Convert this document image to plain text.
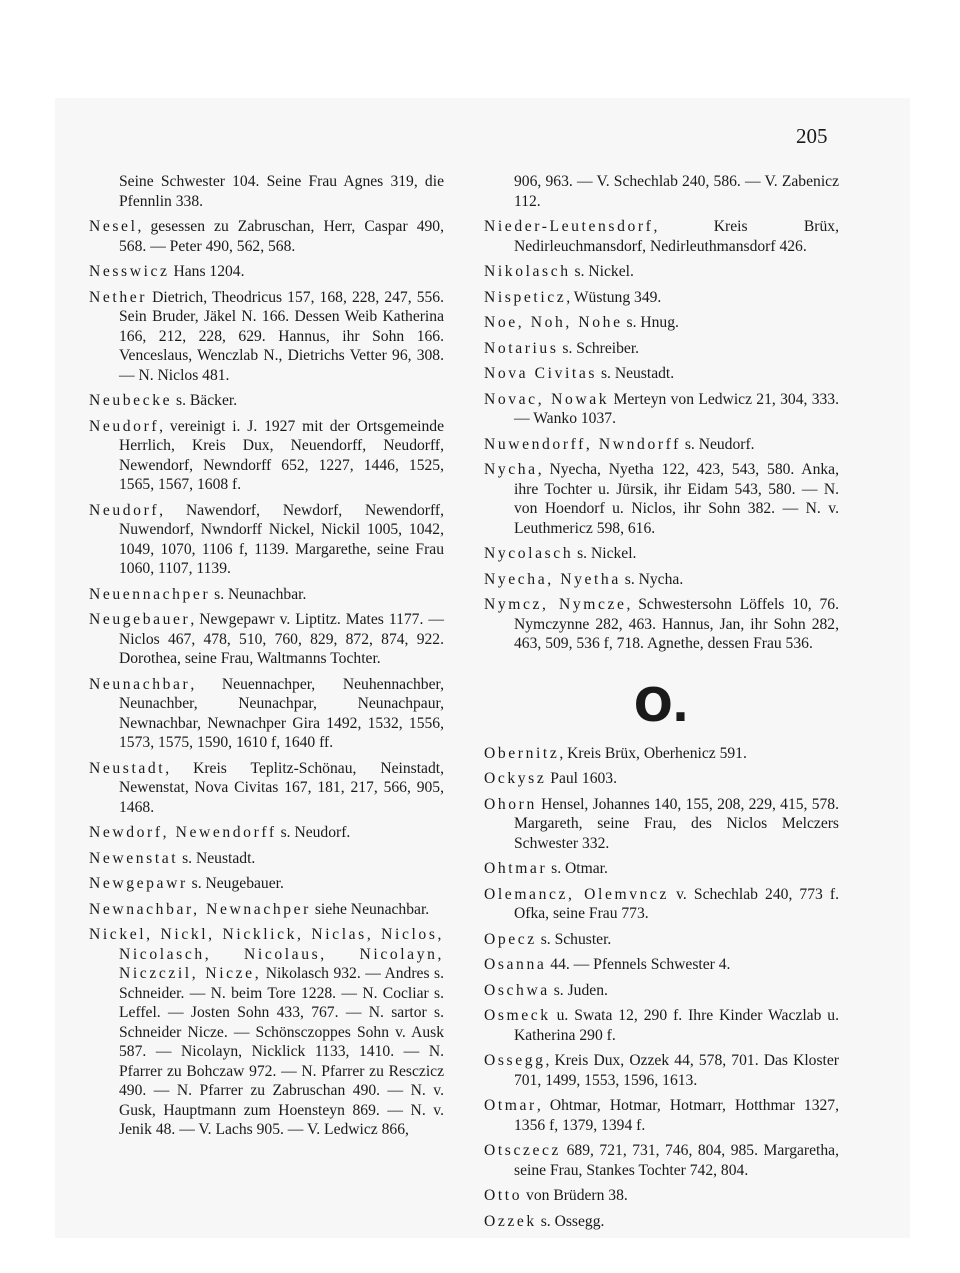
205
Seine Schwester 104. Seine Frau Agnes 319, die Pfennlin 338.
Nesel, gesessen zu Zabruschan, Herr, Caspar 490, 568. — Peter 490, 562, 568.
Nesswicz Hans 1204.
Nether Dietrich, Theodricus 157, 168, 228, 247, 556. Sein Bruder, Jäkel N. 166. Dessen Weib Katherina 166, 212, 228, 629. Hannus, ihr Sohn 166. Venceslaus, Wenczlab N., Dietrichs Vetter 96, 308. — N. Niclos 481.
Neubecke s. Bäcker.
Neudorf, vereinigt i. J. 1927 mit der Ortsgemeinde Herrlich, Kreis Dux, Neuendorff, Neudorff, Newendorf, Newndorff 652, 1227, 1446, 1525, 1565, 1567, 1608 f.
Neudorf, Nawendorf, Newdorf, Newendorff, Nuwendorf, Nwndorff Nickel, Nickil 1005, 1042, 1049, 1070, 1106 f, 1139. Margarethe, seine Frau 1060, 1107, 1139.
Neuennachper s. Neunachbar.
Neugebauer, Newgepawr v. Liptitz. Mates 1177. — Niclos 467, 478, 510, 760, 829, 872, 874, 922. Dorothea, seine Frau, Waltmanns Tochter.
Neunachbar, Neuennachper, Neuhennachber, Neunachber, Neunachpar, Neunachpaur, Newnachbar, Newnachper Gira 1492, 1532, 1556, 1573, 1575, 1590, 1610 f, 1640 ff.
Neustadt, Kreis Teplitz-Schönau, Neinstadt, Newenstat, Nova Civitas 167, 181, 217, 566, 905, 1468.
Newdorf, Newendorff s. Neudorf.
Newenstat s. Neustadt.
Newgepawr s. Neugebauer.
Newnachbar, Newnachper siehe Neunachbar.
Nickel, Nickl, Nicklick, Niclas, Niclos, Nicolasch, Nicolaus, Nicolayn, Niczczil, Nicze, Nikolasch 932. — Andres s. Schneider. — N. beim Tore 1228. — N. Cocliar s. Leffel. — Josten Sohn 433, 767. — N. sartor s. Schneider Nicze. — Schönsczoppes Sohn v. Ausk 587. — Nicolayn, Nicklick 1133, 1410. — N. Pfarrer zu Bohczaw 972. — N. Pfarrer zu Resczicz 490. — N. Pfarrer zu Zabruschan 490. — N. v. Gusk, Hauptmann zum Hoensteyn 869. — N. v. Jenik 48. — V. Lachs 905. — V. Ledwicz 866,
906, 963. — V. Schechlab 240, 586. — V. Zabenicz 112.
Nieder-Leutensdorf, Kreis Brüx, Nedirleuchmansdorf, Nedirleuthmansdorf 426.
Nikolasch s. Nickel.
Nispeticz, Wüstung 349.
Noe, Noh, Nohe s. Hnug.
Notarius s. Schreiber.
Nova Civitas s. Neustadt.
Novac, Nowak Merteyn von Ledwicz 21, 304, 333. — Wanko 1037.
Nuwendorff, Nwndorff s. Neudorf.
Nycha, Nyecha, Nyetha 122, 423, 543, 580. Anka, ihre Tochter u. Jürsik, ihr Eidam 543, 580. — N. von Hoendorf u. Niclos, ihr Sohn 382. — N. v. Leuthmericz 598, 616.
Nycolasch s. Nickel.
Nyecha, Nyetha s. Nycha.
Nymcz, Nymcze, Schwestersohn Löffels 10, 76. Nymczynne 282, 463. Hannus, Jan, ihr Sohn 282, 463, 509, 536 f, 718. Agnethe, dessen Frau 536.
O.
Obernitz, Kreis Brüx, Oberhenicz 591.
Ockysz Paul 1603.
Ohorn Hensel, Johannes 140, 155, 208, 229, 415, 578. Margareth, seine Frau, des Niclos Melczers Schwester 332.
Ohtmar s. Otmar.
Olemancz, Olemvncz v. Schechlab 240, 773 f. Ofka, seine Frau 773.
Opecz s. Schuster.
Osanna 44. — Pfennels Schwester 4.
Oschwa s. Juden.
Osmeck u. Swata 12, 290 f. Ihre Kinder Waczlab u. Katherina 290 f.
Ossegg, Kreis Dux, Ozzek 44, 578, 701. Das Kloster 701, 1499, 1553, 1596, 1613.
Otmar, Ohtmar, Hotmar, Hotmarr, Hotthmar 1327, 1356 f, 1379, 1394 f.
Otsczecz 689, 721, 731, 746, 804, 985. Margaretha, seine Frau, Stankes Tochter 742, 804.
Otto von Brüdern 38.
Ozzek s. Ossegg.
